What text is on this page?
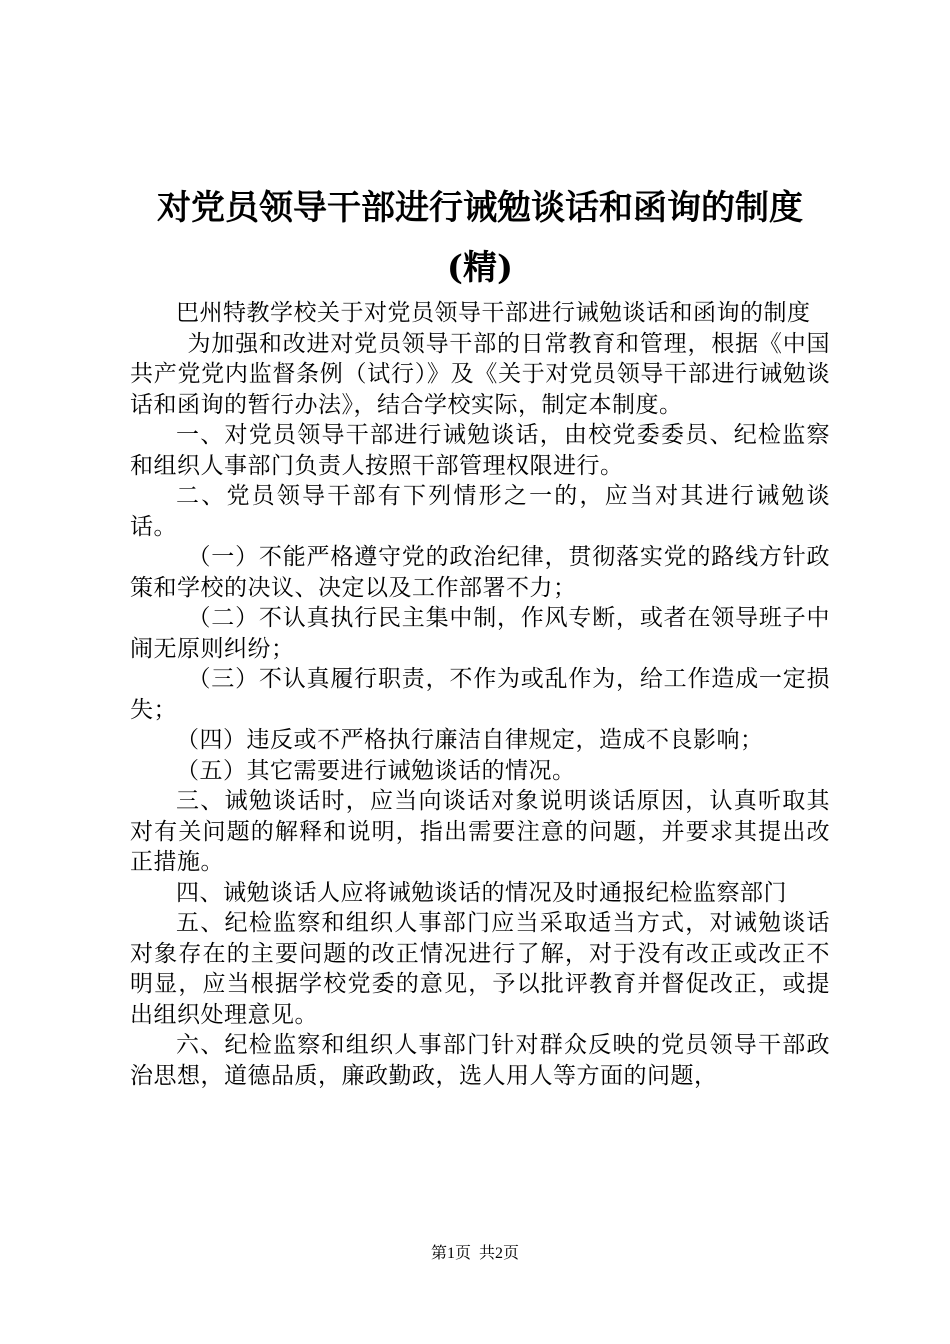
对党员领导干部进行诫勉谈话和函询的制度
(精)

巴州特教学校关于对党员领导干部进行诫勉谈话和函询的制度

为加强和改进对党员领导干部的日常教育和管理，根据《中国共产党党内监督条例（试行）》及《关于对党员领导干部进行诫勉谈话和函询的暂行办法》，结合学校实际，制定本制度。

一、对党员领导干部进行诫勉谈话，由校党委委员、纪检监察和组织人事部门负责人按照干部管理权限进行。

二、党员领导干部有下列情形之一的，应当对其进行诫勉谈话。

（一）不能严格遵守党的政治纪律，贯彻落实党的路线方针政策和学校的决议、决定以及工作部署不力；

（二）不认真执行民主集中制，作风专断，或者在领导班子中闹无原则纠纷；

（三）不认真履行职责，不作为或乱作为，给工作造成一定损失；

（四）违反或不严格执行廉洁自律规定，造成不良影响；

（五）其它需要进行诫勉谈话的情况。

三、诫勉谈话时，应当向谈话对象说明谈话原因，认真听取其对有关问题的解释和说明，指出需要注意的问题，并要求其提出改正措施。

四、诫勉谈话人应将诫勉谈话的情况及时通报纪检监察部门

五、纪检监察和组织人事部门应当采取适当方式，对诫勉谈话对象存在的主要问题的改正情况进行了解，对于没有改正或改正不明显，应当根据学校党委的意见，予以批评教育并督促改正，或提出组织处理意见。

六、纪检监察和组织人事部门针对群众反映的党员领导干部政治思想，道德品质，廉政勤政，选人用人等方面的问题，

第1页 共2页
